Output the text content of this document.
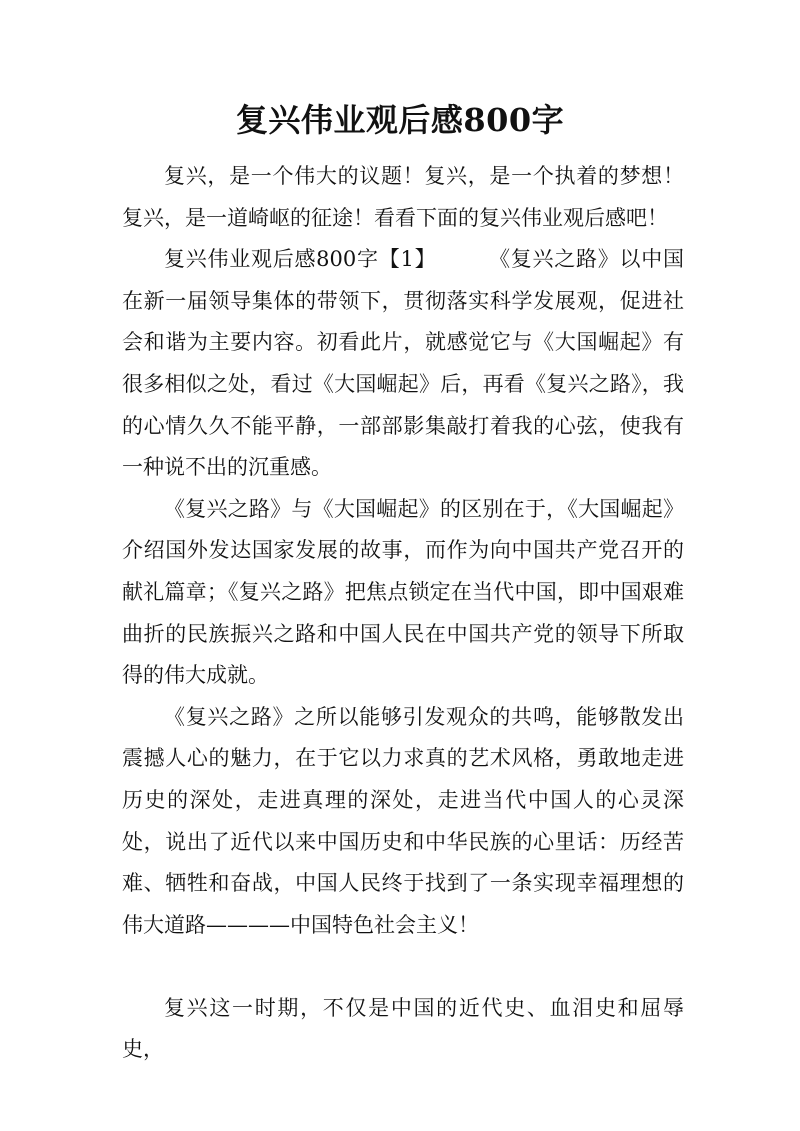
复兴伟业观后感800字

复兴，是一个伟大的议题！复兴，是一个执着的梦想！复兴，是一道崎岖的征途！看看下面的复兴伟业观后感吧！

复兴伟业观后感800字【1】 《复兴之路》以中国在新一届领导集体的带领下，贯彻落实科学发展观，促进社会和谐为主要内容。初看此片，就感觉它与《大国崛起》有很多相似之处，看过《大国崛起》后，再看《复兴之路》，我的心情久久不能平静，一部部影集敲打着我的心弦，使我有一种说不出的沉重感。

《复兴之路》与《大国崛起》的区别在于，《大国崛起》介绍国外发达国家发展的故事，而作为向中国共产党召开的献礼篇章；《复兴之路》把焦点锁定在当代中国，即中国艰难曲折的民族振兴之路和中国人民在中国共产党的领导下所取得的伟大成就。

《复兴之路》之所以能够引发观众的共鸣，能够散发出震撼人心的魅力，在于它以力求真的艺术风格，勇敢地走进历史的深处，走进真理的深处，走进当代中国人的心灵深处，说出了近代以来中国历史和中华民族的心里话：历经苦难、牺牲和奋战，中国人民终于找到了一条实现幸福理想的伟大道路————中国特色社会主义！

复兴这一时期，不仅是中国的近代史、血泪史和屈辱史，
